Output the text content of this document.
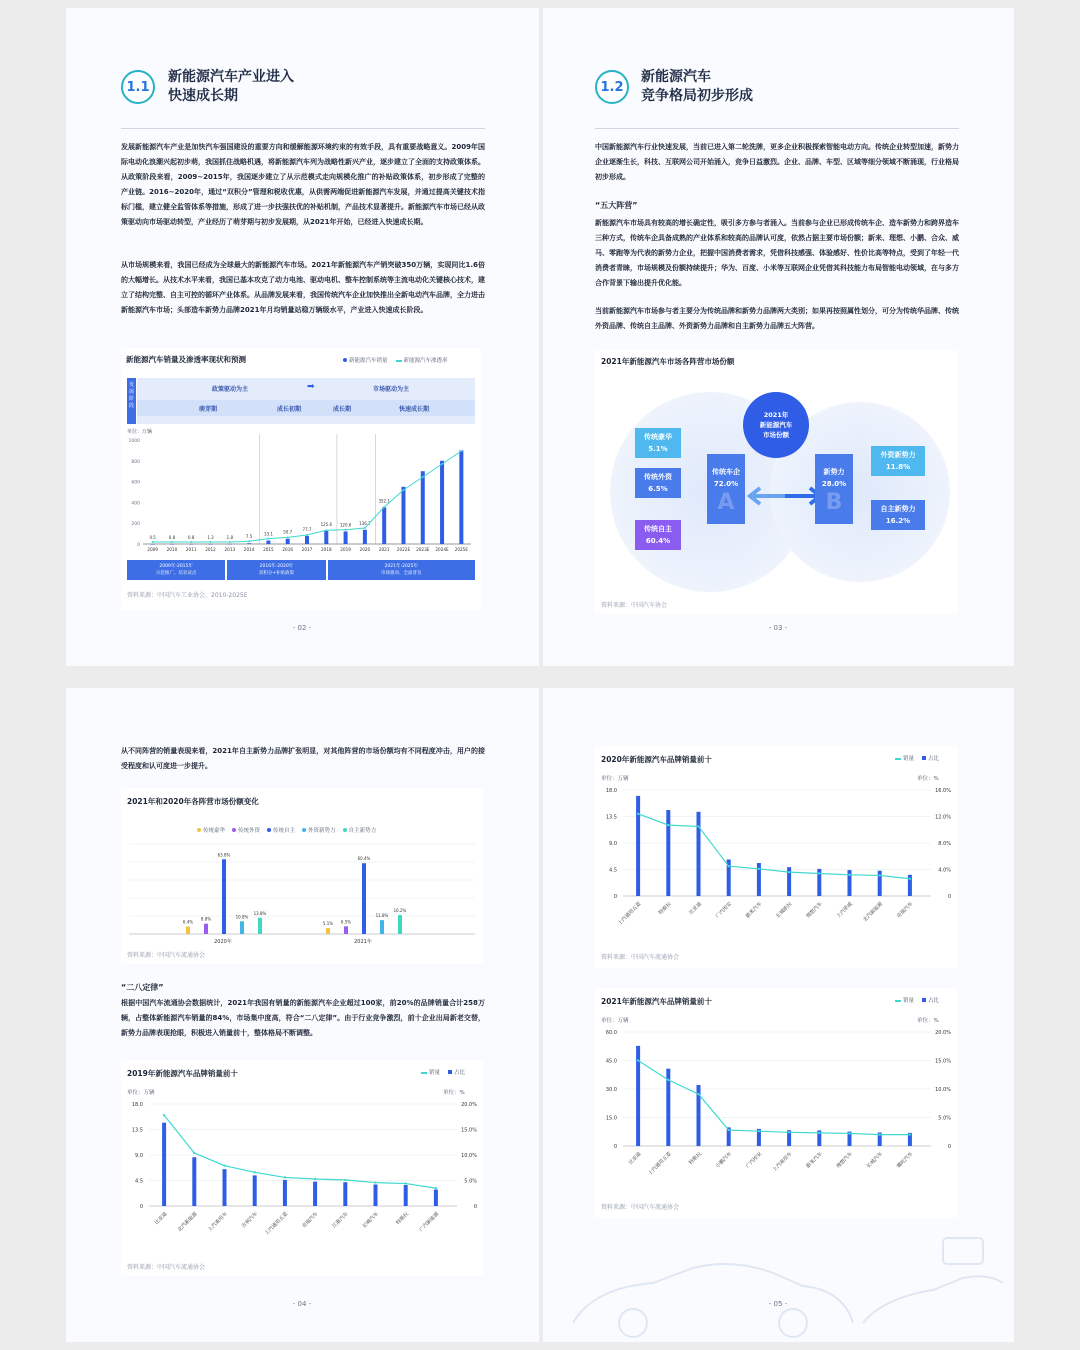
1.1
新能源汽车产业进入
快速成长期
发展新能源汽车产业是加快汽车强国建设的重要方向和缓解能源环境约束的有效手段，具有重要战略意义。2009年国际电动化浪潮兴起初步萌，我国抓住战略机遇，将新能源汽车列为战略性新兴产业，逐步建立了全面的支持政策体系。从政策阶段来看，2009~2015年，我国逐步建立了从示范模式走向规模化推广的补贴政策体系，初步形成了完整的产业链。2016~2020年，通过“双积分”管理和税收优惠，从供需两端促进新能源汽车发展，并通过提高关键技术指标门槛，建立健全监管体系等措施，形成了进一步扶强扶优的补贴机制，产品技术显著提升。新能源汽车市场已经从政策驱动向市场驱动转型，产业经历了萌芽期与初步发展期，从2021年开始，已经进入快速成长期。
从市场规模来看，我国已经成为全球最大的新能源汽车市场。2021年新能源汽车产销突破350万辆，实现同比1.6倍的大幅增长。从技术水平来看，我国已基本攻克了动力电池、驱动电机、整车控制系统等主流电动化关键核心技术，建立了结构完整、自主可控的循环产业体系。从品牌发展来看，我国传统汽车企业加快推出全新电动汽车品牌，全力进击新能源汽车市场；头部造车新势力品牌2021年月均销量站稳万辆级水平，产业进入快速成长阶段。
新能源汽车销量及渗透率现状和预测	新能源汽车销量	新能源汽车渗透率
发展阶段
政策驱动为主	➡	市场驱动为主
萌芽期	成长初期	成长期	快速成长期
单位：万辆
1000
800
600
400
200
0
0.5
2009
0.8
2010
0.8
2011
1.3
2012
1.8
2013
7.5
2014
33.1
2015
50.7
2016
77.7
2017
125.6
2018
120.6
2019
136.7
2020
352.1
2021 2022E 2023E 2024E 2025E
2009年-2015年
示范推广、培育试点
2016年-2020年
双积分+补贴政策
2021年-2025年
市场驱动、全面普及
资料来源：中国汽车工业协会，2010-2025E
- 02 -
1.2
新能源汽车
竞争格局初步形成
中国新能源汽车行业快速发展，当前已进入第二轮洗牌，更多企业积极探索智能电动方向。传统企业转型加速，新势力企业逐渐生长，科技、互联网公司开始涌入，竞争日益激烈。企业、品牌、车型、区域等细分领域不断涌现，行业格局初步形成。
“五大阵营”
新能源汽车市场具有较高的增长确定性，吸引多方参与者涌入。当前参与企业已形成传统车企、造车新势力和跨界造车三种方式，传统车企具备成熟的产业体系和较高的品牌认可度，依然占据主要市场份额；新来、理想、小鹏、合众、威马、零跑等为代表的新势力企业，把握中国消费者需求，凭借科技感强、体验感好、性价比高等特点，受到了年轻一代消费者青睐，市场规模及份额持续提升；华为、百度、小米等互联网企业凭借其科技能力布局智能电动领域，在与多方合作背景下输出提升优化能。
当前新能源汽车市场参与者主要分为传统品牌和新势力品牌两大类别；如果再按照属性划分，可分为传统华品牌、传统外资品牌、传统自主品牌、外资新势力品牌和自主新势力品牌五大阵营。
2021年新能源汽车市场各阵营市场份额
2021年
新能源汽车
市场份额
传统豪华
5.1%
传统外资
6.5%
传统自主
60.4%
传统车企
72.0%
A
新势力
28.0%
B
外资新势力
11.8%
自主新势力
16.2%
资料来源：中国汽车协会
- 03 -
从不同阵营的销量表现来看，2021年自主新势力品牌扩张明显，对其他阵营的市场份额均有不同程度冲击，用户的接受程度和认可度进一步提升。
2021年和2020年各阵营市场份额变化
传统豪华	传统外资	传统自主	外资新势力	自主新势力
6.4%
8.8%
63.8%
10.8%
13.8%
2020年
5.1% 6.5%
60.4%
11.8%
16.2%
2021年
资料来源：中国汽车流通协会
“二八定律”
根据中国汽车流通协会数据统计，2021年我国有销量的新能源汽车企业超过100家，前20%的品牌销量合计258万辆，占整体新能源汽车销量的84%，市场集中度高，符合“二八定律”。由于行业竞争激烈，前十企业出局新老交替，新势力品牌表现抢眼，积极进入销量前十，整体格局不断调整。
2019年新能源汽车品牌销量前十	销量	占比
单位：万辆	单位：%
18.0	20.0%
13.5	15.0%
9.0	10.0%
4.5	5.0%
0	0
比亚迪 北汽新能源 上汽乘用车 吉利汽车 上汽通用五菱 奇瑞汽车 江淮汽车 长城汽车	特斯拉 广汽新能源
资料来源：中国汽车流通协会
- 04 -
2020年新能源汽车品牌销量前十	销量	占比
单位：万辆	单位：%
18.0	16.0%
13.5	12.0%
9.0	8.0%
4.5	4.0%
0	0
上汽通用五菱	特斯拉	比亚迪 广汽埃安 蔚来汽车 长城欧拉 理想汽车 上汽荣威 北汽新能源 奇瑞汽车
资料来源：中国汽车流通协会
2021年新能源汽车品牌销量前十	销量	占比
单位：万辆	单位：%
60.0	20.0%
45.0	15.0%
30.0	10.0%
15.0	5.0%
0	0
比亚迪 上汽通用五菱	特斯拉 小鹏汽车 广汽埃安 上汽乘用车 蔚来汽车 理想汽车 长城汽车 哪吒汽车
资料来源：中国汽车流通协会
- 05 -
